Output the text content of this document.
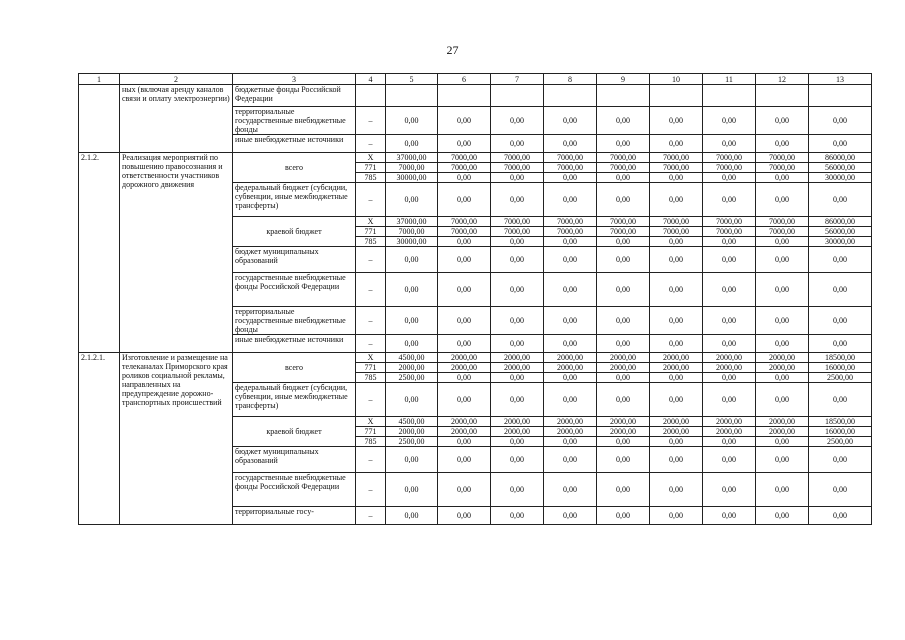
27
1	2	3	4	5	6	7	8	9	10	11	12	13
	ных (включая аренду каналов связи и оплату электроэнергии)	бюджетные фонды Российской Федерации										
		территориальные государственные внебюджетные фонды	–	0,00	0,00	0,00	0,00	0,00	0,00	0,00	0,00	0,00
		иные внебюджетные источники	–	0,00	0,00	0,00	0,00	0,00	0,00	0,00	0,00	0,00
2.1.2.	Реализация мероприятий по повышению правосознания и ответственности участников дорожного движения	всего	X	37000,00	7000,00	7000,00	7000,00	7000,00	7000,00	7000,00	7000,00	86000,00
			771	7000,00	7000,00	7000,00	7000,00	7000,00	7000,00	7000,00	7000,00	56000,00
			785	30000,00	0,00	0,00	0,00	0,00	0,00	0,00	0,00	30000,00
		федеральный бюджет (субсидии, субвенции, иные межбюджетные трансферты)	–	0,00	0,00	0,00	0,00	0,00	0,00	0,00	0,00	0,00
		краевой бюджет	X	37000,00	7000,00	7000,00	7000,00	7000,00	7000,00	7000,00	7000,00	86000,00
			771	7000,00	7000,00	7000,00	7000,00	7000,00	7000,00	7000,00	7000,00	56000,00
			785	30000,00	0,00	0,00	0,00	0,00	0,00	0,00	0,00	30000,00
		бюджет муниципальных образований	–	0,00	0,00	0,00	0,00	0,00	0,00	0,00	0,00	0,00
		государственные внебюджетные фонды Российской Федерации	–	0,00	0,00	0,00	0,00	0,00	0,00	0,00	0,00	0,00
		территориальные государственные внебюджетные фонды	–	0,00	0,00	0,00	0,00	0,00	0,00	0,00	0,00	0,00
		иные внебюджетные источники	–	0,00	0,00	0,00	0,00	0,00	0,00	0,00	0,00	0,00
2.1.2.1.	Изготовление и размещение на телеканалах Приморского края роликов социальной рекламы, направленных на предупреждение дорожно-транспортных происшествий	всего	X	4500,00	2000,00	2000,00	2000,00	2000,00	2000,00	2000,00	2000,00	18500,00
			771	2000,00	2000,00	2000,00	2000,00	2000,00	2000,00	2000,00	2000,00	16000,00
			785	2500,00	0,00	0,00	0,00	0,00	0,00	0,00	0,00	2500,00
		федеральный бюджет (субсидии, субвенции, иные межбюджетные трансферты)	–	0,00	0,00	0,00	0,00	0,00	0,00	0,00	0,00	0,00
		краевой бюджет	X	4500,00	2000,00	2000,00	2000,00	2000,00	2000,00	2000,00	2000,00	18500,00
			771	2000,00	2000,00	2000,00	2000,00	2000,00	2000,00	2000,00	2000,00	16000,00
			785	2500,00	0,00	0,00	0,00	0,00	0,00	0,00	0,00	2500,00
		бюджет муниципальных образований	–	0,00	0,00	0,00	0,00	0,00	0,00	0,00	0,00	0,00
		государственные внебюджетные фонды Российской Федерации	–	0,00	0,00	0,00	0,00	0,00	0,00	0,00	0,00	0,00
		территориальные госу-	–	0,00	0,00	0,00	0,00	0,00	0,00	0,00	0,00	0,00
